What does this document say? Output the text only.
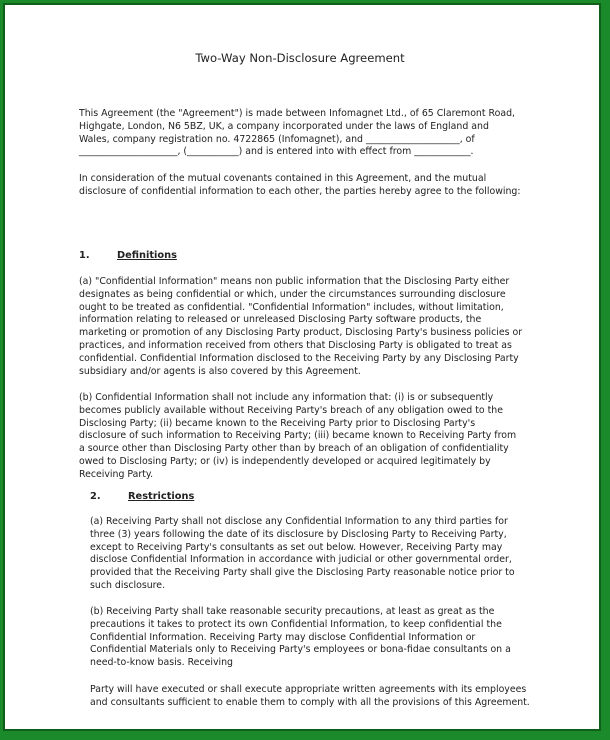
Two-Way Non-Disclosure Agreement
This Agreement (the "Agreement") is made between Infomagnet Ltd., of 65 Claremont Road,
Highgate, London, N6 5BZ, UK, a company incorporated under the laws of England and
Wales, company registration no. 4722865 (Infomagnet), and ____________________, of
_____________________, (___________) and is entered into with effect from ____________.
In consideration of the mutual covenants contained in this Agreement, and the mutual
disclosure of confidential information to each other, the parties hereby agree to the following:
1.	Definitions
(a) "Confidential Information" means non public information that the Disclosing Party either
designates as being confidential or which, under the circumstances surrounding disclosure
ought to be treated as confidential. "Confidential Information" includes, without limitation,
information relating to released or unreleased Disclosing Party software products, the
marketing or promotion of any Disclosing Party product, Disclosing Party's business policies or
practices, and information received from others that Disclosing Party is obligated to treat as
confidential. Confidential Information disclosed to the Receiving Party by any Disclosing Party
subsidiary and/or agents is also covered by this Agreement.
(b) Confidential Information shall not include any information that: (i) is or subsequently
becomes publicly available without Receiving Party's breach of any obligation owed to the
Disclosing Party; (ii) became known to the Receiving Party prior to Disclosing Party's
disclosure of such information to Receiving Party; (iii) became known to Receiving Party from
a source other than Disclosing Party other than by breach of an obligation of confidentiality
owed to Disclosing Party; or (iv) is independently developed or acquired legitimately by
Receiving Party.
2.	Restrictions
(a) Receiving Party shall not disclose any Confidential Information to any third parties for
three (3) years following the date of its disclosure by Disclosing Party to Receiving Party,
except to Receiving Party's consultants as set out below. However, Receiving Party may
disclose Confidential Information in accordance with judicial or other governmental order,
provided that the Receiving Party shall give the Disclosing Party reasonable notice prior to
such disclosure.
(b) Receiving Party shall take reasonable security precautions, at least as great as the
precautions it takes to protect its own Confidential Information, to keep confidential the
Confidential Information. Receiving Party may disclose Confidential Information or
Confidential Materials only to Receiving Party's employees or bona-fidae consultants on a
need-to-know basis. Receiving
Party will have executed or shall execute appropriate written agreements with its employees
and consultants sufficient to enable them to comply with all the provisions of this Agreement.
